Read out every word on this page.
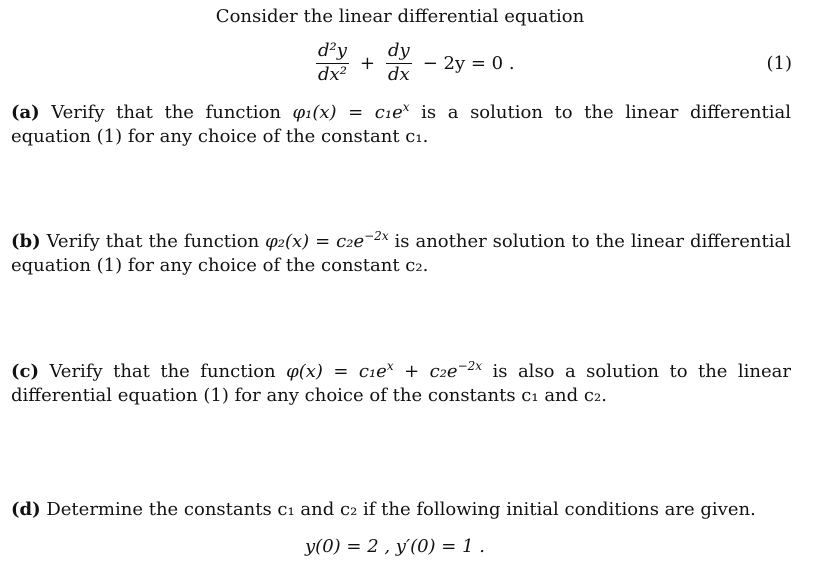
Consider the linear differential equation
$\frac{\text{d²y}}{\text{dx²}} + \frac{dy}{dx} - 2y = 0$ .	(1)
(a) Verify that the function $\varphi_1(x) = c_1e^x$ is a solution to the linear differential equation (1) for any choice of the constant c₁.
(b) Verify that the function $\varphi_2(x) = c_2e^{-2x}$ is another solution to the linear differential equation (1) for any choice of the constant c₂.
(c) Verify that the function $\varphi(x) = c_1e^x + c_2e^{-2x}$ is also a solution to the linear differential equation (1) for any choice of the constants c₁ and c₂.
(d) Determine the constants c₁ and c₂ if the following initial conditions are given.
y(0) = 2 , y′(0) = 1 .
